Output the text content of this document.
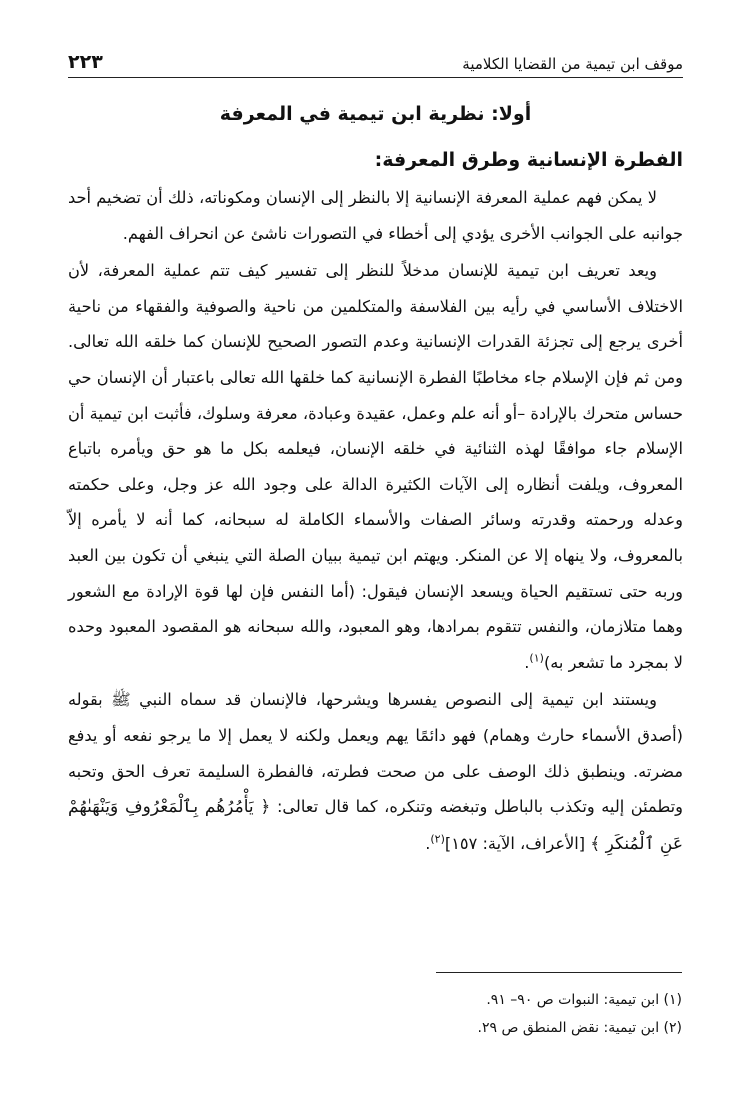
موقف ابن تيمية من القضايا الكلامية
٢٢٣
أولا: نظرية ابن تيمية في المعرفة
الفطرة الإنسانية وطرق المعرفة:

لا يمكن فهم عملية المعرفة الإنسانية إلا بالنظر إلى الإنسان ومكوناته، ذلك أن تضخيم أحد جوانبه على الجوانب الأخرى يؤدي إلى أخطاء في التصورات ناشئ عن انحراف الفهم.

ويعد تعريف ابن تيمية للإنسان مدخلاً للنظر إلى تفسير كيف تتم عملية المعرفة، لأن الاختلاف الأساسي في رأيه بين الفلاسفة والمتكلمين من ناحية والصوفية والفقهاء من ناحية أخرى يرجع إلى تجزئة القدرات الإنسانية وعدم التصور الصحيح للإنسان كما خلقه الله تعالى. ومن ثم فإن الإسلام جاء مخاطبًا الفطرة الإنسانية كما خلقها الله تعالى باعتبار أن الإنسان حي حساس متحرك بالإرادة –أو أنه علم وعمل، عقيدة وعبادة، معرفة وسلوك، فأثبت ابن تيمية أن الإسلام جاء موافقًا لهذه الثنائية في خلقه الإنسان، فيعلمه بكل ما هو حق ويأمره باتباع المعروف، ويلفت أنظاره إلى الآيات الكثيرة الدالة على وجود الله عز وجل، وعلى حكمته وعدله ورحمته وقدرته وسائر الصفات والأسماء الكاملة له سبحانه، كما أنه لا يأمره إلاّ بالمعروف، ولا ينهاه إلا عن المنكر. ويهتم ابن تيمية ببيان الصلة التي ينبغي أن تكون بين العبد وربه حتى تستقيم الحياة ويسعد الإنسان فيقول: (أما النفس فإن لها قوة الإرادة مع الشعور وهما متلازمان، والنفس تتقوم بمرادها، وهو المعبود، والله سبحانه هو المقصود المعبود وحده لا بمجرد ما تشعر به)$^{(١)}$.

ويستند ابن تيمية إلى النصوص يفسرها ويشرحها، فالإنسان قد سماه النبي ﷺ بقوله (أصدق الأسماء حارث وهمام) فهو دائمًا يهم ويعمل ولكنه لا يعمل إلا ما يرجو نفعه أو يدفع مضرته. وينطبق ذلك الوصف على من صحت فطرته، فالفطرة السليمة تعرف الحق وتحبه وتطمئن إليه وتكذب بالباطل وتبغضه وتنكره، كما قال تعالى: ﴿ يَأْمُرُهُم بِٱلْمَعْرُوفِ وَيَنْهَىٰهُمْ عَنِ ٱلْمُنكَرِ ﴾ [الأعراف، الآية: ١٥٧]$^{(٢)}$.

(١) ابن تيمية: النبوات ص ٩٠– ٩١.

(٢) ابن تيمية: نقض المنطق ص ٢٩.
